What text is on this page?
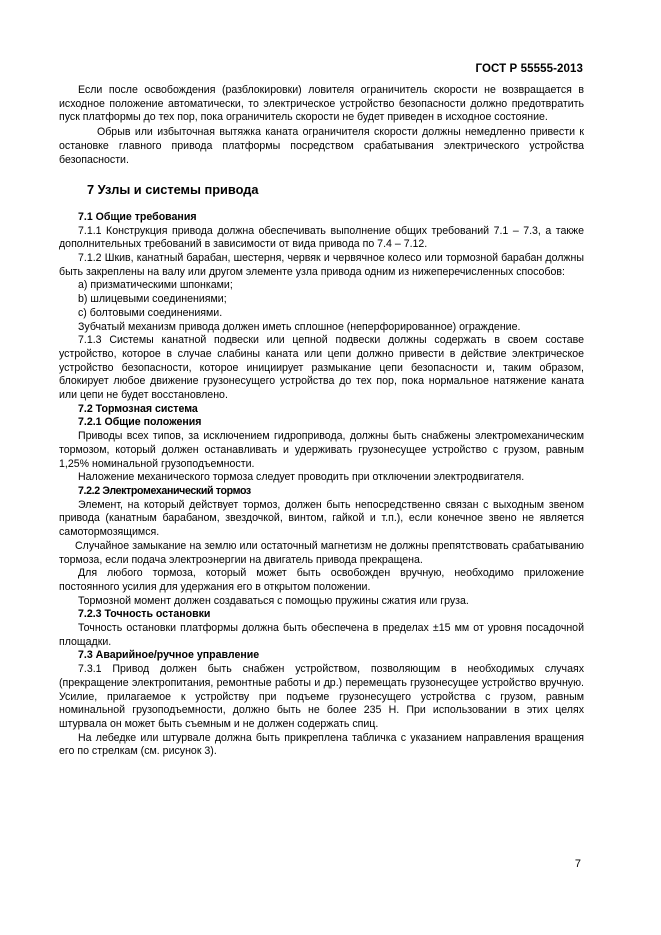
ГОСТ Р 55555-2013

Если после освобождения (разблокировки) ловителя ограничитель скорости не возвращается в исходное положение автоматически, то электрическое устройство безопасности должно предотвратить пуск платформы до тех пор, пока ограничитель скорости не будет приведен в исходное состояние.

Обрыв или избыточная вытяжка каната ограничителя скорости должны немедленно привести к остановке главного привода платформы посредством срабатывания электрического устройства безопасности.

7 Узлы и системы привода

7.1 Общие требования

7.1.1 Конструкция привода должна обеспечивать выполнение общих требований 7.1 – 7.3, а также дополнительных требований в зависимости от вида привода по 7.4 – 7.12.

7.1.2 Шкив, канатный барабан, шестерня, червяк и червячное колесо или тормозной барабан должны быть закреплены на валу или другом элементе узла привода одним из нижеперечисленных способов:

a) призматическими шпонками;

b) шлицевыми соединениями;

c) болтовыми соединениями.

Зубчатый механизм привода должен иметь сплошное (неперфорированное) ограждение.

7.1.3 Системы канатной подвески или цепной подвески должны содержать в своем составе устройство, которое в случае слабины каната или цепи должно привести в действие электрическое устройство безопасности, которое инициирует размыкание цепи безопасности и, таким образом, блокирует любое движение грузонесущего устройства до тех пор, пока нормальное натяжение каната или цепи не будет восстановлено.

7.2 Тормозная система

7.2.1 Общие положения

Приводы всех типов, за исключением гидропривода, должны быть снабжены электромеханическим тормозом, который должен останавливать и удерживать грузонесущее устройство с грузом, равным 1,25% номинальной грузоподъемности.

Наложение механического тормоза следует проводить при отключении электродвигателя.

7.2.2 Электромеханический тормоз

Элемент, на который действует тормоз, должен быть непосредственно связан с выходным звеном привода (канатным барабаном, звездочкой, винтом, гайкой и т.п.), если конечное звено не является самотормозящимся.

Случайное замыкание на землю или остаточный магнетизм не должны препятствовать срабатыванию тормоза, если подача электроэнергии на двигатель привода прекращена.

Для любого тормоза, который может быть освобожден вручную, необходимо приложение постоянного усилия для удержания его в открытом положении.

Тормозной момент должен создаваться с помощью пружины сжатия или груза.

7.2.3 Точность остановки

Точность остановки платформы должна быть обеспечена в пределах ±15 мм от уровня посадочной площадки.

7.3 Аварийное/ручное управление

7.3.1 Привод должен быть снабжен устройством, позволяющим в необходимых случаях (прекращение электропитания, ремонтные работы и др.) перемещать грузонесущее устройство вручную. Усилие, прилагаемое к устройству при подъеме грузонесущего устройства с грузом, равным номинальной грузоподъемности, должно быть не более 235 Н. При использовании в этих целях штурвала он может быть съемным и не должен содержать спиц.

На лебедке или штурвале должна быть прикреплена табличка с указанием направления вращения его по стрелкам (см. рисунок 3).

7
